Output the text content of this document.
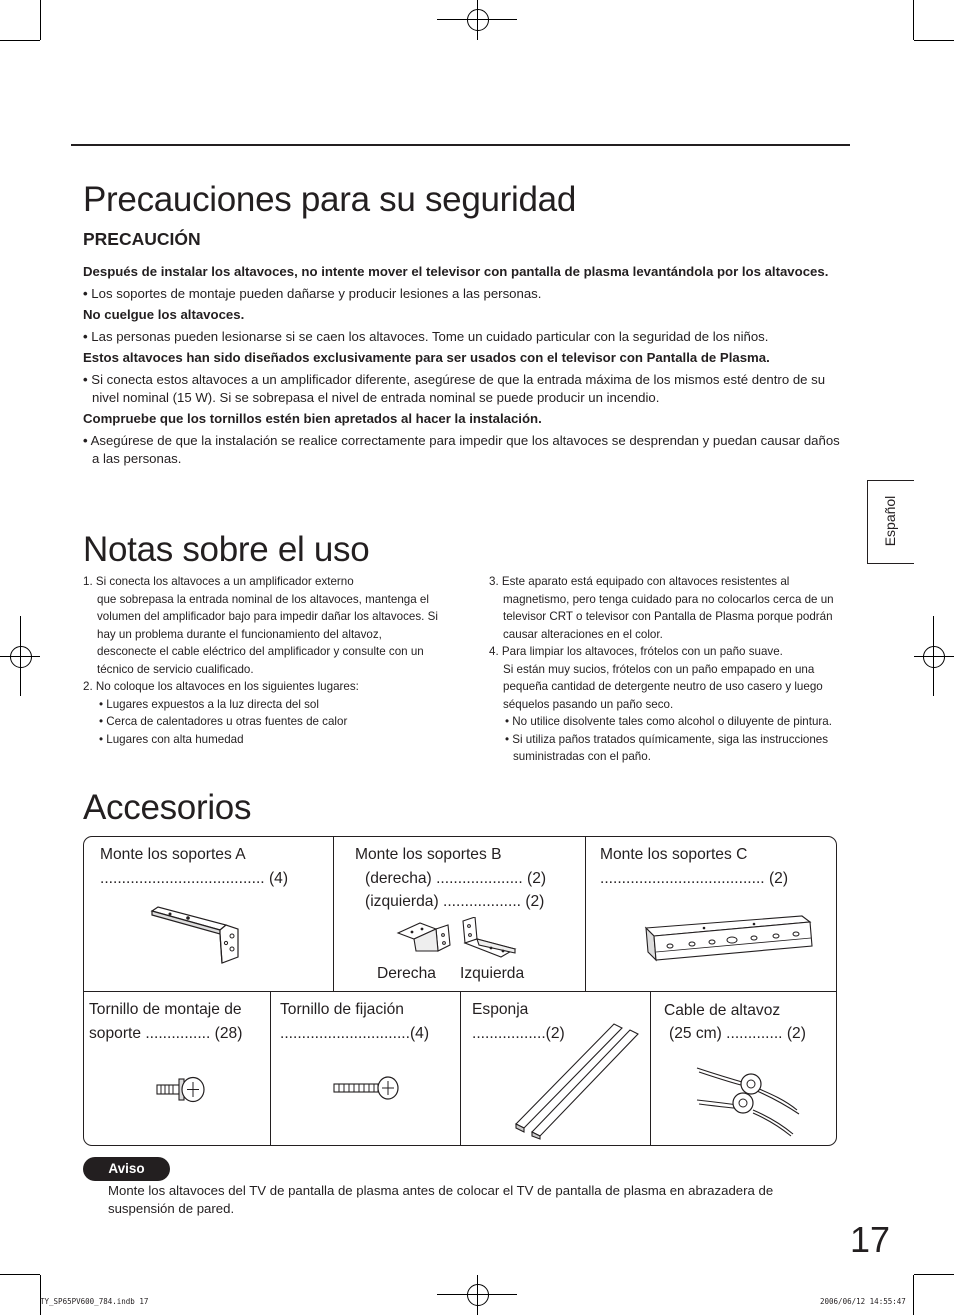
Precauciones para su seguridad
PRECAUCIÓN

Después de instalar los altavoces, no intente mover el televisor con pantalla de plasma levantándola por los altavoces.

• Los soportes de montaje pueden dañarse y producir lesiones a las personas.

No cuelgue los altavoces.

• Las personas pueden lesionarse si se caen los altavoces. Tome un cuidado particular con la seguridad de los niños.

Estos altavoces han sido diseñados exclusivamente para ser usados con el televisor con Pantalla de Plasma.

• Si conecta estos altavoces a un amplificador diferente, asegúrese de que la entrada máxima de los mismos esté dentro de su nivel nominal (15 W). Si se sobrepasa el nivel de entrada nominal se puede producir un incendio.

Compruebe que los tornillos estén bien apretados al hacer la instalación.

• Asegúrese de que la instalación se realice correctamente para impedir que los altavoces se desprendan y puedan causar daños a las personas.

Español
Notas sobre el uso

1. Si conecta los altavoces a un amplificador externo

que sobrepasa la entrada nominal de los altavoces, mantenga el volumen del amplificador bajo para impedir dañar los altavoces. Si hay un problema durante el funcionamiento del altavoz, desconecte el cable eléctrico del amplificador y consulte con un técnico de servicio cualificado.

2. No coloque los altavoces en los siguientes lugares:

• Lugares expuestos a la luz directa del sol

• Cerca de calentadores u otras fuentes de calor

• Lugares con alta humedad

3. Este aparato está equipado con altavoces resistentes al magnetismo, pero tenga cuidado para no colocarlos cerca de un televisor CRT o televisor con Pantalla de Plasma porque podrán causar alteraciones en el color.

4. Para limpiar los altavoces, frótelos con un paño suave.

Si están muy sucios, frótelos con un paño empapado en una pequeña cantidad de detergente neutro de uso casero y luego séquelos pasando un paño seco.

• No utilice disolvente tales como alcohol o diluyente de pintura.

• Si utiliza paños tratados químicamente, siga las instrucciones suministradas con el paño.

Accesorios
Monte los soportes A
...................................... (4)
Monte los soportes B
(derecha) .................... (2)
(izquierda) .................. (2)
Derecha Izquierda
Monte los soportes C
...................................... (2)
Tornillo de montaje de
soporte ............... (28)
Tornillo de fijación
..............................(4)
Esponja
.................(2)
Cable de altavoz
(25 cm) ............. (2)
Aviso
Monte los altavoces del TV de pantalla de plasma antes de colocar el TV de pantalla de plasma en abrazadera de suspensión de pared.
17
TY_SP65PV600_784.indb 17	2006/06/12 14:55:47
